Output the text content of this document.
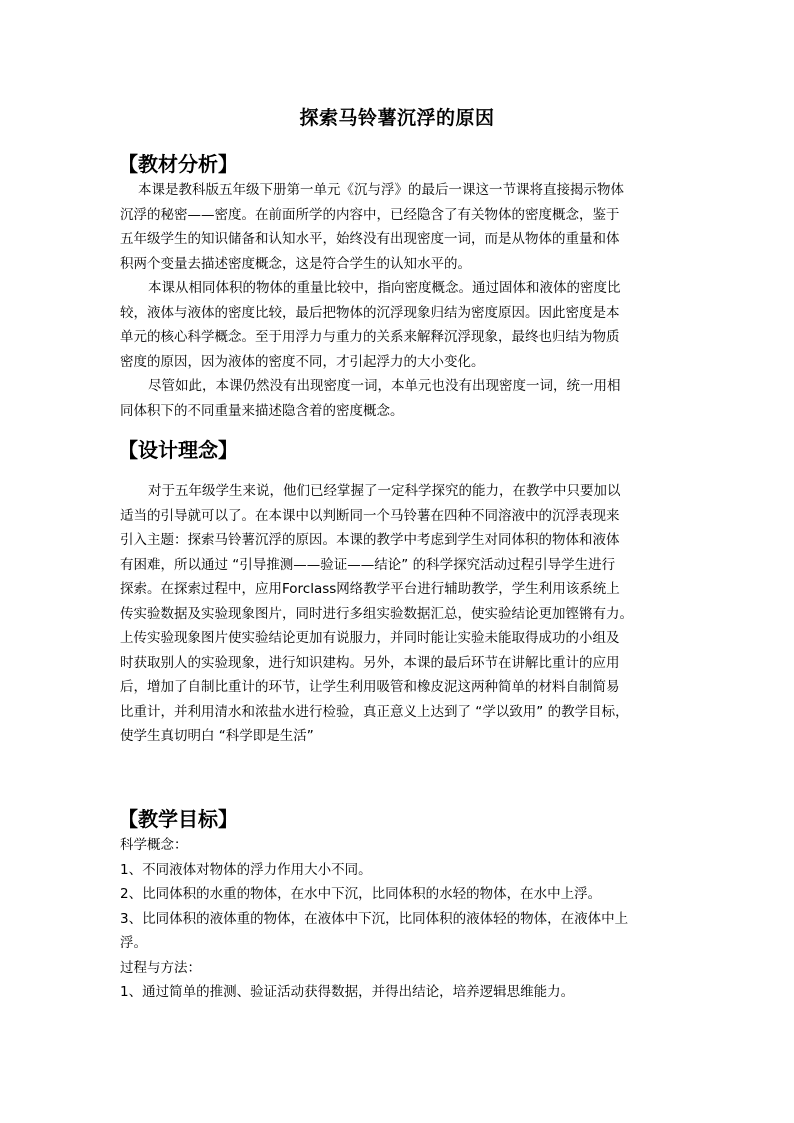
探索马铃薯沉浮的原因
【教材分析】
本课是教科版五年级下册第一单元《沉与浮》的最后一课这一节课将直接揭示物体
沉浮的秘密——密度。在前面所学的内容中，已经隐含了有关物体的密度概念，鉴于
五年级学生的知识储备和认知水平，始终没有出现密度一词，而是从物体的重量和体
积两个变量去描述密度概念，这是符合学生的认知水平的。
本课从相同体积的物体的重量比较中，指向密度概念。通过固体和液体的密度比
较，液体与液体的密度比较，最后把物体的沉浮现象归结为密度原因。因此密度是本
单元的核心科学概念。至于用浮力与重力的关系来解释沉浮现象，最终也归结为物质
密度的原因，因为液体的密度不同，才引起浮力的大小变化。
尽管如此，本课仍然没有出现密度一词，本单元也没有出现密度一词，统一用相
同体积下的不同重量来描述隐含着的密度概念。
【设计理念】
对于五年级学生来说，他们已经掌握了一定科学探究的能力，在教学中只要加以
适当的引导就可以了。在本课中以判断同一个马铃薯在四种不同溶液中的沉浮表现来
引入主题：探索马铃薯沉浮的原因。本课的教学中考虑到学生对同体积的物体和液体
有困难，所以通过 “引导推测——验证——结论” 的科学探究活动过程引导学生进行
探索。在探索过程中，应用Forclass网络教学平台进行辅助教学，学生利用该系统上
传实验数据及实验现象图片，同时进行多组实验数据汇总，使实验结论更加铿锵有力。
上传实验现象图片使实验结论更加有说服力，并同时能让实验未能取得成功的小组及
时获取别人的实验现象，进行知识建构。另外，本课的最后环节在讲解比重计的应用
后，增加了自制比重计的环节，让学生利用吸管和橡皮泥这两种简单的材料自制简易
比重计，并利用清水和浓盐水进行检验，真正意义上达到了 “学以致用” 的教学目标，
使学生真切明白 “科学即是生活”
【教学目标】
科学概念：
1、不同液体对物体的浮力作用大小不同。
2、比同体积的水重的物体，在水中下沉，比同体积的水轻的物体，在水中上浮。
3、比同体积的液体重的物体，在液体中下沉，比同体积的液体轻的物体，在液体中上
浮。
过程与方法：
1、通过简单的推测、验证活动获得数据，并得出结论，培养逻辑思维能力。
